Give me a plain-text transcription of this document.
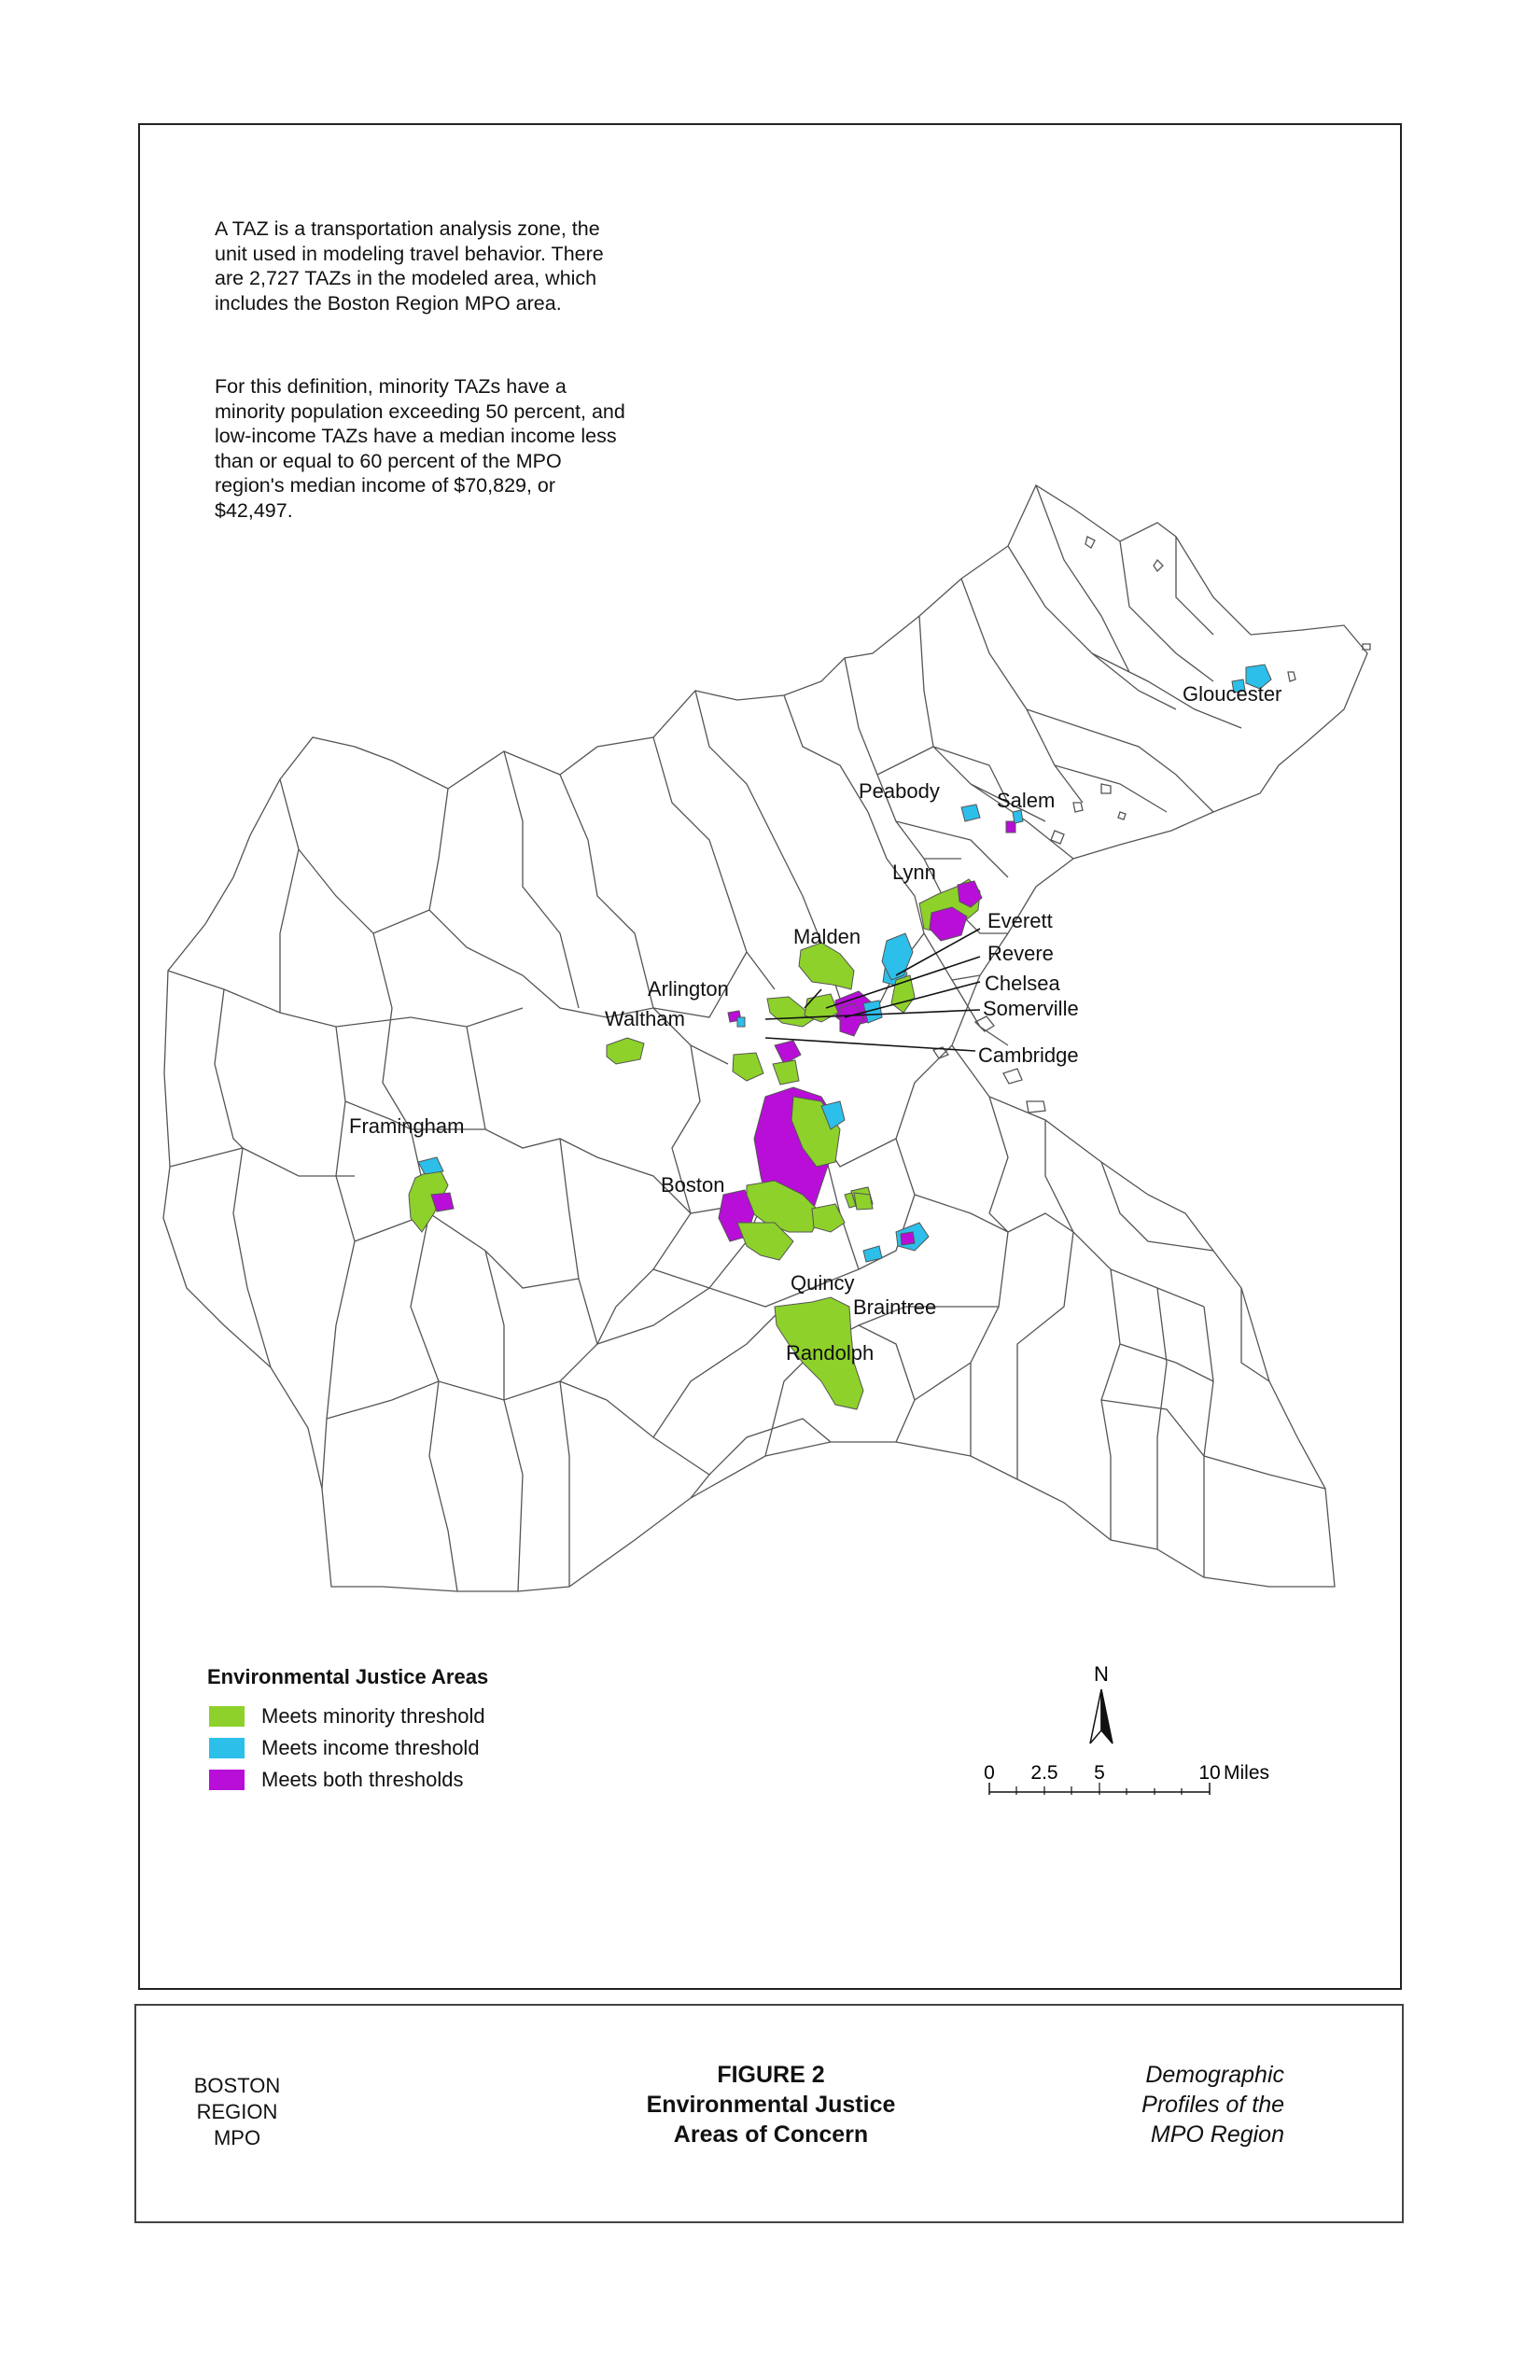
A TAZ is a transportation analysis zone, the unit used in modeling travel behavior. There are 2,727 TAZs in the modeled area, which includes the Boston Region MPO area.

For this definition, minority TAZs have a minority population exceeding 50 percent, and low-income TAZs have a median income less than or equal to 60 percent of the MPO region's median income of $70,829, or $42,497.

Gloucester
Peabody	Salem
Lynn
Everett
Malden
Revere
Arlington	Chelsea
Waltham	Somerville
Cambridge
Framingham
Boston
Quincy
Braintree
Randolph
Environmental Justice Areas
Meets minority threshold
Meets income threshold
Meets both thresholds
N
0 2.5 5	10 Miles
BOSTON
REGION
MPO
FIGURE 2
Environmental Justice
Areas of Concern
Demographic
Profiles of the
MPO Region
